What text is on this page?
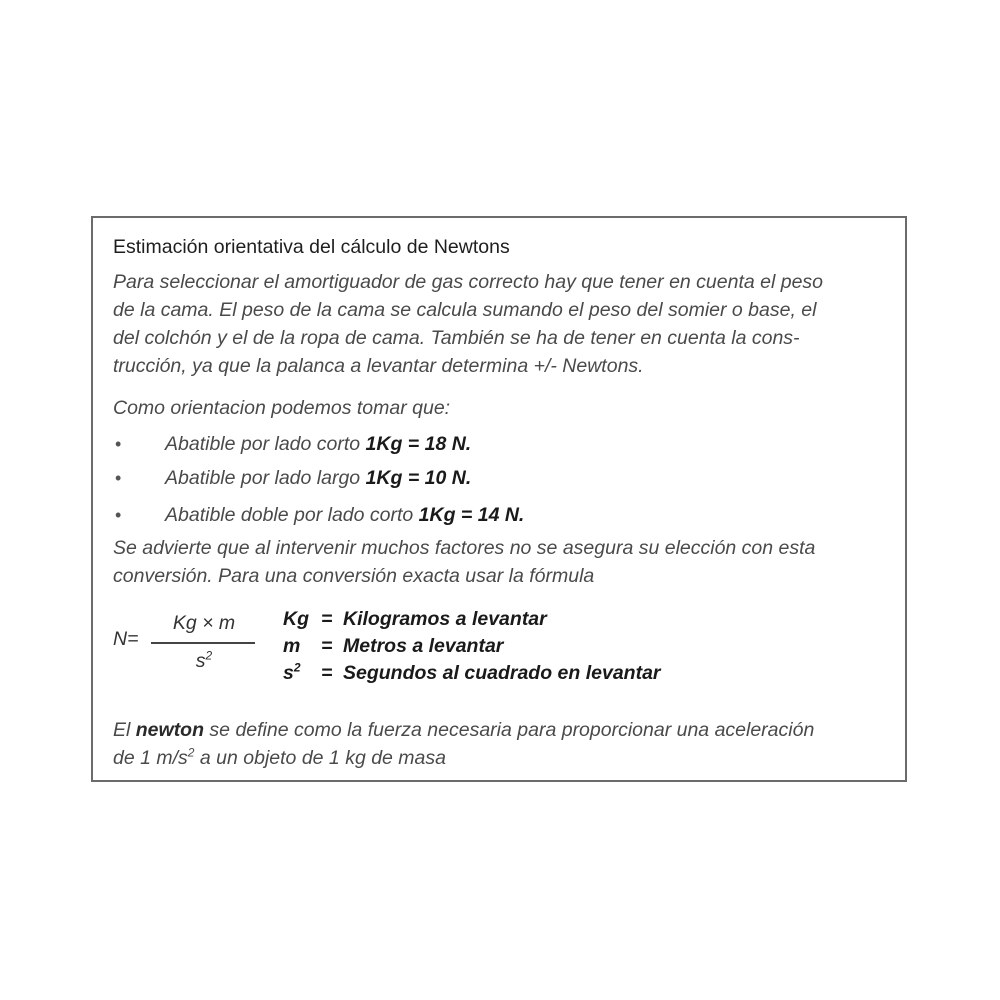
Estimación orientativa del cálculo de Newtons

Para seleccionar el amortiguador de gas correcto hay que tener en cuenta el peso
de la cama. El peso de la cama se calcula sumando el peso del somier o base, el
del colchón y el de la ropa de cama. También se ha de tener en cuenta la cons-
trucción, ya que la palanca a levantar determina +/- Newtons.

Como orientacion podemos tomar que:

• Abatible por lado corto 1Kg = 18 N.
• Abatible por lado largo 1Kg = 10 N.
• Abatible doble por lado corto 1Kg = 14 N.

Se advierte que al intervenir muchos factores no se asegura su elección con esta
conversión. Para una conversión exacta usar la fórmula

N=
Kg × m
$s^2$
Kg = Kilogramos a levantar
m = Metros a levantar
$s^2$ = Segundos al cuadrado en levantar

El newton se define como la fuerza necesaria para proporcionar una aceleración
de 1 $m/s^2$ a un objeto de 1 kg de masa
